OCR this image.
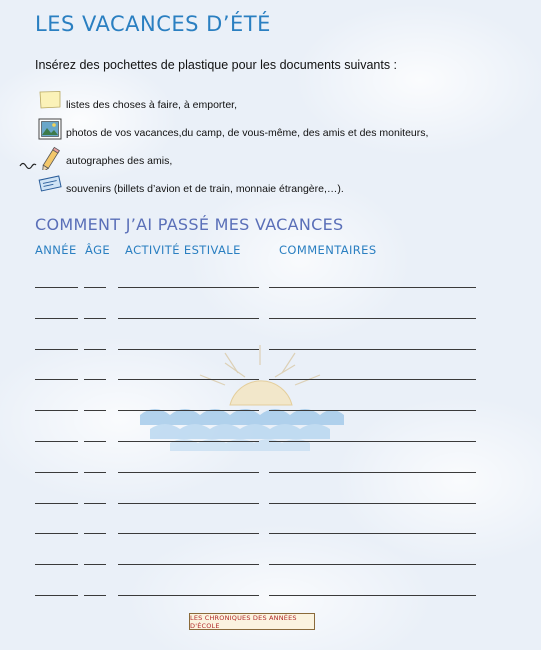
LES VACANCES D’ÉTÉ
Insérez des pochettes de plastique pour les documents suivants :
listes des choses à faire, à emporter,
photos de vos vacances,du camp, de vous-même, des amis et des moniteurs,
autographes des amis,
souvenirs (billets d’avion et de train, monnaie étrangère,…).
COMMENT J’AI PASSÉ MES VACANCES
ANNÉE ÂGE ACTIVITÉ ESTIVALE	COMMENTAIRES
LES CHRONIQUES DES ANNÉES D'ÉCOLE
